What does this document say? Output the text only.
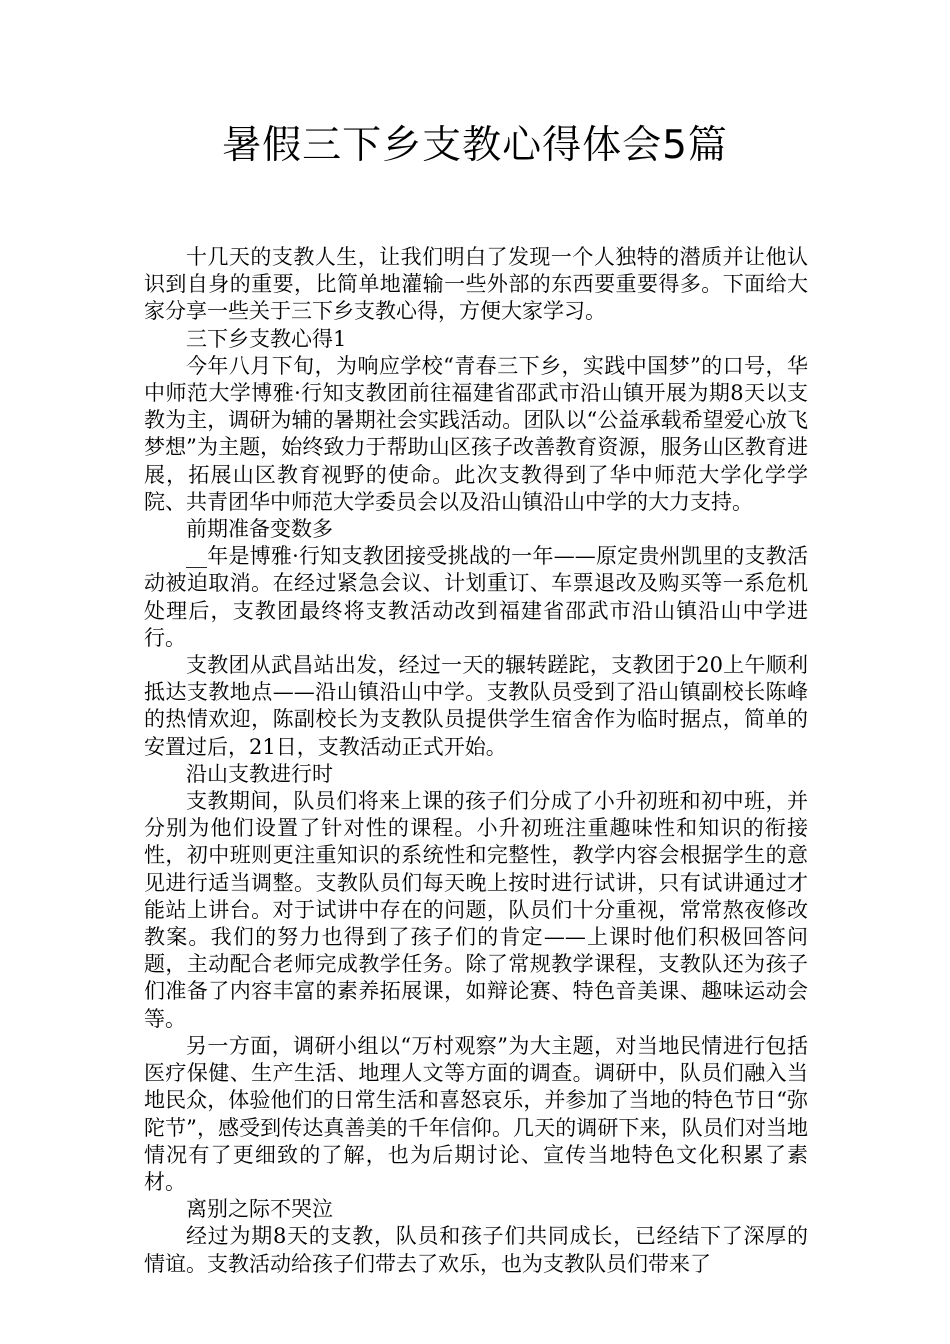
暑假三下乡支教心得体会5篇

十几天的支教人生，让我们明白了发现一个人独特的潜质并让他认识到自身的重要，比简单地灌输一些外部的东西要重要得多。下面给大家分享一些关于三下乡支教心得，方便大家学习。

三下乡支教心得1

今年八月下旬，为响应学校“青春三下乡，实践中国梦”的口号，华中师范大学博雅·行知支教团前往福建省邵武市沿山镇开展为期8天以支教为主，调研为辅的暑期社会实践活动。团队以“公益承载希望爱心放飞梦想”为主题，始终致力于帮助山区孩子改善教育资源，服务山区教育进展，拓展山区教育视野的使命。此次支教得到了华中师范大学化学学院、共青团华中师范大学委员会以及沿山镇沿山中学的大力支持。

前期准备变数多

__年是博雅·行知支教团接受挑战的一年——原定贵州凯里的支教活动被迫取消。在经过紧急会议、计划重订、车票退改及购买等一系危机处理后，支教团最终将支教活动改到福建省邵武市沿山镇沿山中学进行。

支教团从武昌站出发，经过一天的辗转蹉跎，支教团于20上午顺利抵达支教地点——沿山镇沿山中学。支教队员受到了沿山镇副校长陈峰的热情欢迎，陈副校长为支教队员提供学生宿舍作为临时据点，简单的安置过后，21日，支教活动正式开始。

沿山支教进行时

支教期间，队员们将来上课的孩子们分成了小升初班和初中班，并分别为他们设置了针对性的课程。小升初班注重趣味性和知识的衔接性，初中班则更注重知识的系统性和完整性，教学内容会根据学生的意见进行适当调整。支教队员们每天晚上按时进行试讲，只有试讲通过才能站上讲台。对于试讲中存在的问题，队员们十分重视，常常熬夜修改教案。我们的努力也得到了孩子们的肯定——上课时他们积极回答问题，主动配合老师完成教学任务。除了常规教学课程，支教队还为孩子们准备了内容丰富的素养拓展课，如辩论赛、特色音美课、趣味运动会等。

另一方面，调研小组以“万村观察”为大主题，对当地民情进行包括医疗保健、生产生活、地理人文等方面的调查。调研中，队员们融入当地民众，体验他们的日常生活和喜怒哀乐，并参加了当地的特色节日“弥陀节”，感受到传达真善美的千年信仰。几天的调研下来，队员们对当地情况有了更细致的了解，也为后期讨论、宣传当地特色文化积累了素材。

离别之际不哭泣

经过为期8天的支教，队员和孩子们共同成长，已经结下了深厚的情谊。支教活动给孩子们带去了欢乐，也为支教队员们带来了
